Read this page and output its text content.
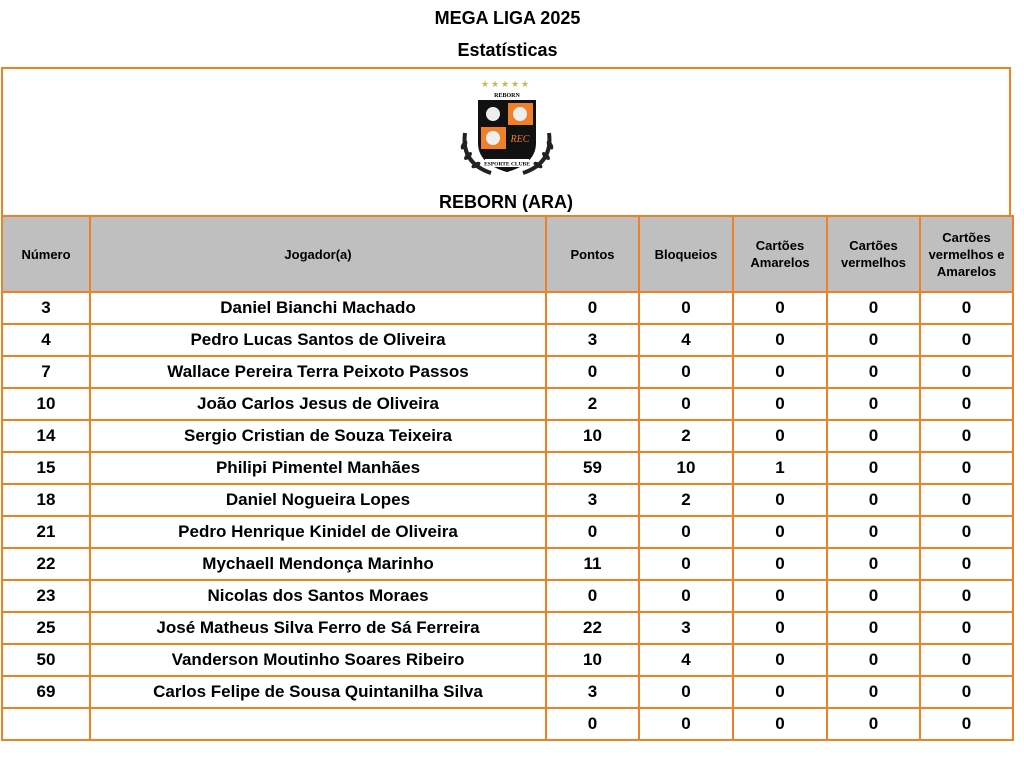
MEGA LIGA 2025
Estatísticas
★ ★ ★ ★ ★
REBORN
REC
ESPORTE CLUBE
REBORN (ARA)
Número	Jogador(a)	Pontos	Bloqueios	Cartões Amarelos	Cartões vermelhos	Cartões vermelhos e Amarelos
3	Daniel Bianchi Machado	0	0	0	0	0
4	Pedro Lucas Santos de Oliveira	3	4	0	0	0
7	Wallace Pereira Terra Peixoto Passos	0	0	0	0	0
10	João Carlos Jesus de Oliveira	2	0	0	0	0
14	Sergio Cristian de Souza Teixeira	10	2	0	0	0
15	Philipi Pimentel Manhães	59	10	1	0	0
18	Daniel Nogueira Lopes	3	2	0	0	0
21	Pedro Henrique Kinidel de Oliveira	0	0	0	0	0
22	Mychaell Mendonça Marinho	11	0	0	0	0
23	Nicolas dos Santos Moraes	0	0	0	0	0
25	José Matheus Silva Ferro de Sá Ferreira	22	3	0	0	0
50	Vanderson Moutinho Soares Ribeiro	10	4	0	0	0
69	Carlos Felipe de Sousa Quintanilha Silva	3	0	0	0	0
		0	0	0	0	0
